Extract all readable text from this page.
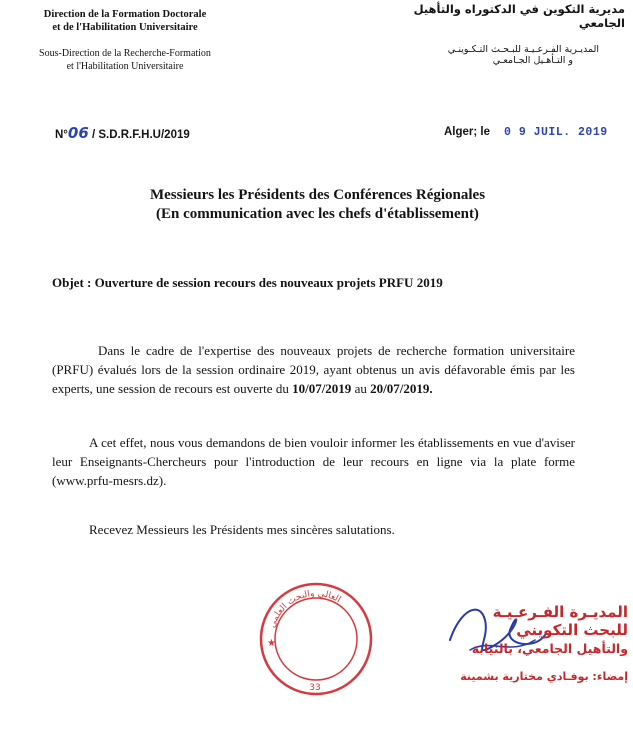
Direction de la Formation Doctorale
et de l'Habilitation Universitaire
Sous-Direction de la Recherche-Formation
et l'Habilitation Universitaire
مديرية التكوين في الدكتوراه والتأهيل الجامعي
المديـرية الفـرعـيـة للبـحـث التـكـوينـي
و التـأهـيل الجـامعـي
N°06 / S.D.R.F.H.U/2019	Alger; le 0 9 JUIL. 2019
Messieurs les Présidents des Conférences Régionales
(En communication avec les chefs d'établissement)
Objet : Ouverture de session recours des nouveaux projets PRFU 2019
Dans le cadre de l'expertise des nouveaux projets de recherche formation universitaire (PRFU) évalués lors de la session ordinaire 2019, ayant obtenus un avis défavorable émis par les experts, une session de recours est ouverte du 10/07/2019 au 20/07/2019.
A cet effet, nous vous demandons de bien vouloir informer les établissements en vue d'aviser leur Enseignants-Chercheurs pour l'introduction de leur recours en ligne via la plate forme (www.prfu-mesrs.dz).
Recevez Messieurs les Présidents mes sincères salutations.
العالي والبحث العلمي
★
33
المديـرة الفـرعـيـة للبحث التكويني
والتأهيل الجامعي، بالنيابة
إمضاء: بوفـادي مختارية بشمينة
